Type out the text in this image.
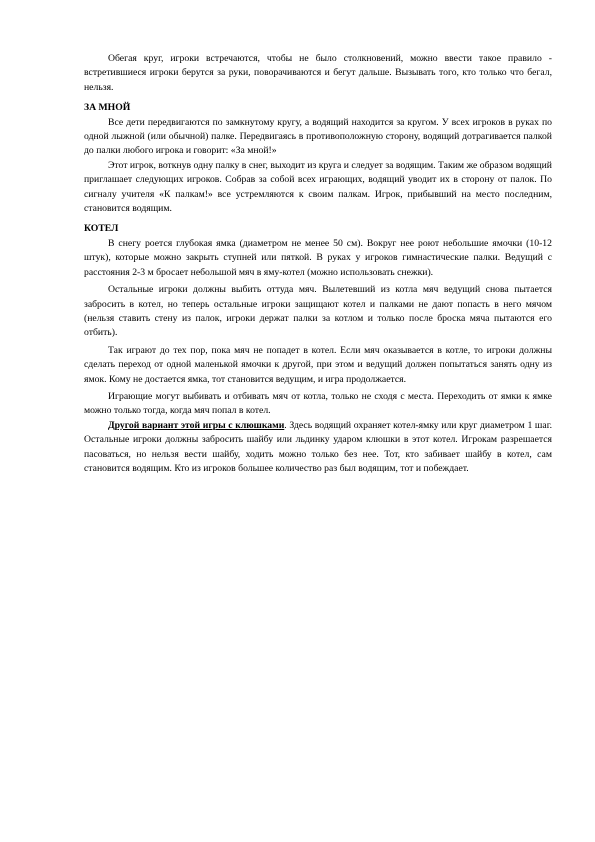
Обегая круг, игроки встречаются, чтобы не было столкновений, можно ввести такое правило - встретившиеся игроки берутся за руки, поворачиваются и бегут дальше. Вызывать того, кто только что бегал, нельзя.

ЗА МНОЙ

Все дети передвигаются по замкнутому кругу, а водящий находится за кругом. У всех игроков в руках по одной лыжной (или обычной) палке. Передвигаясь в противоположную сторону, водящий дотрагивается палкой до палки любого игрока и говорит: «За мной!»

Этот игрок, воткнув одну палку в снег, выходит из круга и следует за водящим. Таким же образом водящий приглашает следующих игроков. Собрав за собой всех играющих, водящий уводит их в сторону от палок. По сигналу учителя «К палкам!» все устремляются к своим палкам. Игрок, прибывший на место последним, становится водящим.

КОТЕЛ

В снегу роется глубокая ямка (диаметром не менее 50 см). Вокруг нее роют небольшие ямочки (10-12 штук), которые можно закрыть ступней или пяткой. В руках у игроков гимнастические палки. Ведущий с расстояния 2-3 м бросает небольшой мяч в яму-котел (можно использовать снежки).

Остальные игроки должны выбить оттуда мяч. Вылетевший из котла мяч ведущий снова пытается забросить в котел, но теперь остальные игроки защищают котел и палками не дают попасть в него мячом (нельзя ставить стену из палок, игроки держат палки за котлом и только после броска мяча пытаются его отбить).

Так играют до тех пор, пока мяч не попадет в котел. Если мяч оказывается в котле, то игроки должны сделать переход от одной маленькой ямочки к другой, при этом и ведущий должен попытаться занять одну из ямок. Кому не достается ямка, тот становится ведущим, и игра продолжается.

Играющие могут выбивать и отбивать мяч от котла, только не сходя с места. Переходить от ямки к ямке можно только тогда, когда мяч попал в котел.

Другой вариант этой игры с клюшками. Здесь водящий охраняет котел-ямку или круг диаметром 1 шаг. Остальные игроки должны забросить шайбу или льдинку ударом клюшки в этот котел. Игрокам разрешается пасоваться, но нельзя вести шайбу, ходить можно только без нее. Тот, кто забивает шайбу в котел, сам становится водящим. Кто из игроков большее количество раз был водящим, тот и побеждает.
